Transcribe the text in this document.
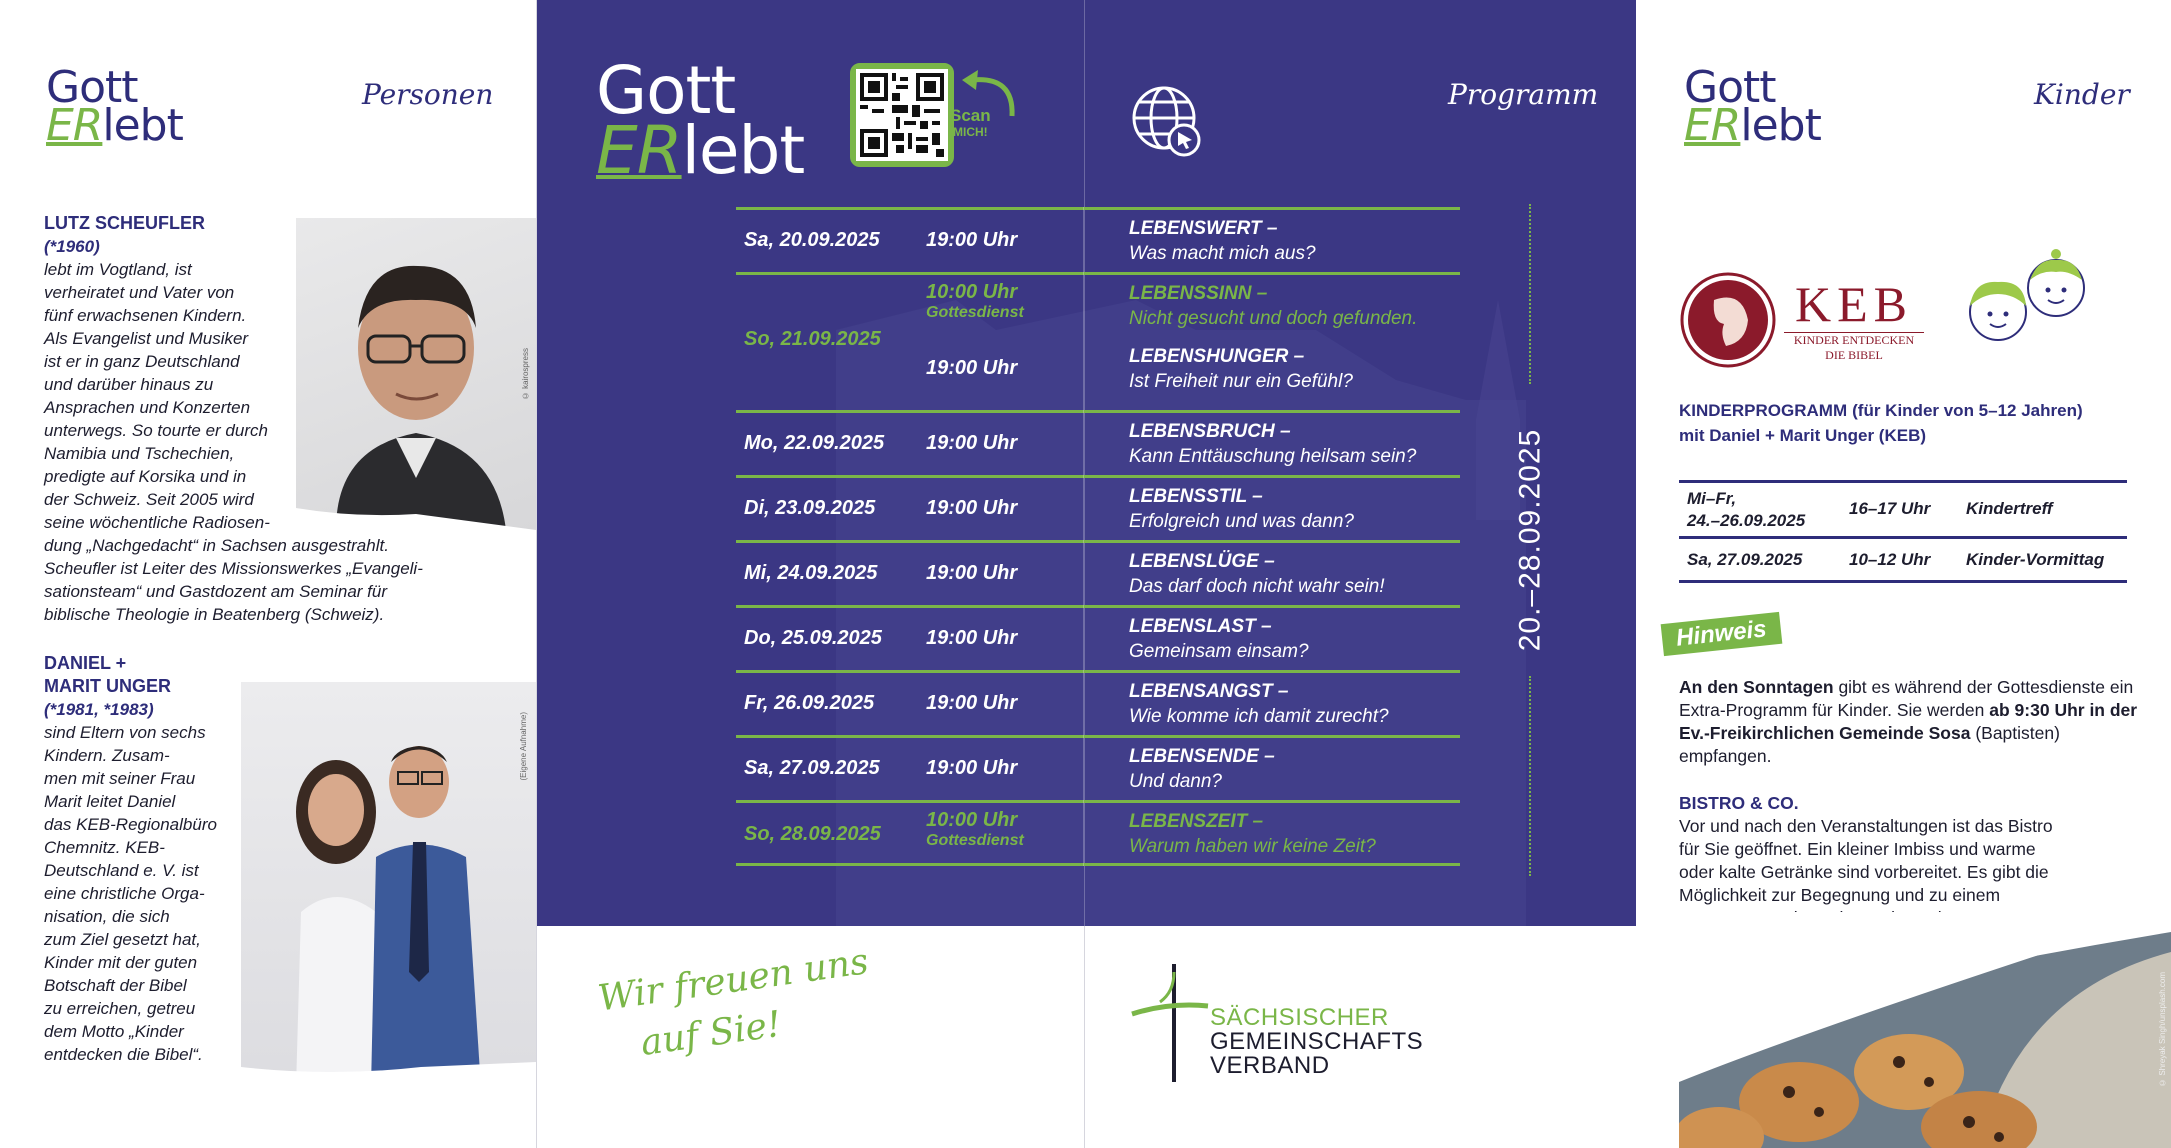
Gott
ERlebt
Personen
© kairospress
LUTZ SCHEUFLER
(*1960)
lebt im Vogtland, ist
verheiratet und Vater von
fünf erwachsenen Kindern.
Als Evangelist und Musiker
ist er in ganz Deutschland
und darüber hinaus zu
Ansprachen und Konzerten
unterwegs. So tourte er durch
Namibia und Tschechien,
predigte auf Korsika und in
der Schweiz. Seit 2005 wird
seine wöchentliche Radiosen-
dung „Nachgedacht“ in Sachsen ausgestrahlt.
Scheufler ist Leiter des Missionswerkes „Evangeli-
sationsteam“ und Gastdozent am Seminar für
biblische Theologie in Beatenberg (Schweiz).
(Eigene Aufnahme)
DANIEL +
MARIT UNGER
(*1981, *1983)
sind Eltern von sechs
Kindern. Zusam-
men mit seiner Frau
Marit leitet Daniel
das KEB-Regionalbüro
Chemnitz. KEB-
Deutschland e. V. ist
eine christliche Orga-
nisation, die sich
zum Ziel gesetzt hat,
Kinder mit der guten
Botschaft der Bibel
zu erreichen, getreu
dem Motto „Kinder
entdecken die Bibel“.
Gott
ERlebt	Scan
MICH!
Programm
Sa, 20.09.2025 19:00 Uhr
LEBENSWERT –
Was macht mich aus?
So, 21.09.2025
10:00 Uhr
Gottesdienst
LEBENSSINN –
Nicht gesucht und doch gefunden.
19:00 Uhr
LEBENSHUNGER –
Ist Freiheit nur ein Gefühl?
Mo, 22.09.2025 19:00 Uhr
LEBENSBRUCH –
Kann Enttäuschung heilsam sein?
Di, 23.09.2025	19:00 Uhr
LEBENSSTIL –
Erfolgreich und was dann?
Mi, 24.09.2025 19:00 Uhr
LEBENSLÜGE –
Das darf doch nicht wahr sein!
Do, 25.09.2025 19:00 Uhr
LEBENSLAST –
Gemeinsam einsam?
Fr, 26.09.2025	19:00 Uhr
LEBENSANGST –
Wie komme ich damit zurecht?
Sa, 27.09.2025 19:00 Uhr
LEBENSENDE –
Und dann?
So, 28.09.2025
10:00 Uhr
Gottesdienst
LEBENSZEIT –
Warum haben wir keine Zeit?
20.–28.09.2025
Wir freuen uns
auf Sie!	SÄCHSISCHER
GEMEINSCHAFTS
VERBAND
Gott
ERlebt
Kinder
KEB
KINDER ENTDECKEN
DIE BIBEL
KINDERPROGRAMM (für Kinder von 5–12 Jahren)
mit Daniel + Marit Unger (KEB)
Mi–Fr,
24.–26.09.2025
16–17 Uhr Kindertreff
Sa, 27.09.2025	10–12 Uhr Kinder-Vormittag
Hinweis
An den Sonntagen gibt es während der Gottesdienste ein Extra-Programm für Kinder. Sie werden ab 9:30 Uhr in der Ev.-Freikirchlichen Gemeinde Sosa (Baptisten) empfangen.
BISTRO & CO.
Vor und nach den Veranstaltungen ist das Bistro
für Sie geöffnet. Ein kleiner Imbiss und warme
oder kalte Getränke sind vorbereitet. Es gibt die
Möglichkeit zur Begegnung und zu einem
© Shreyak Singh/unsplash.com
